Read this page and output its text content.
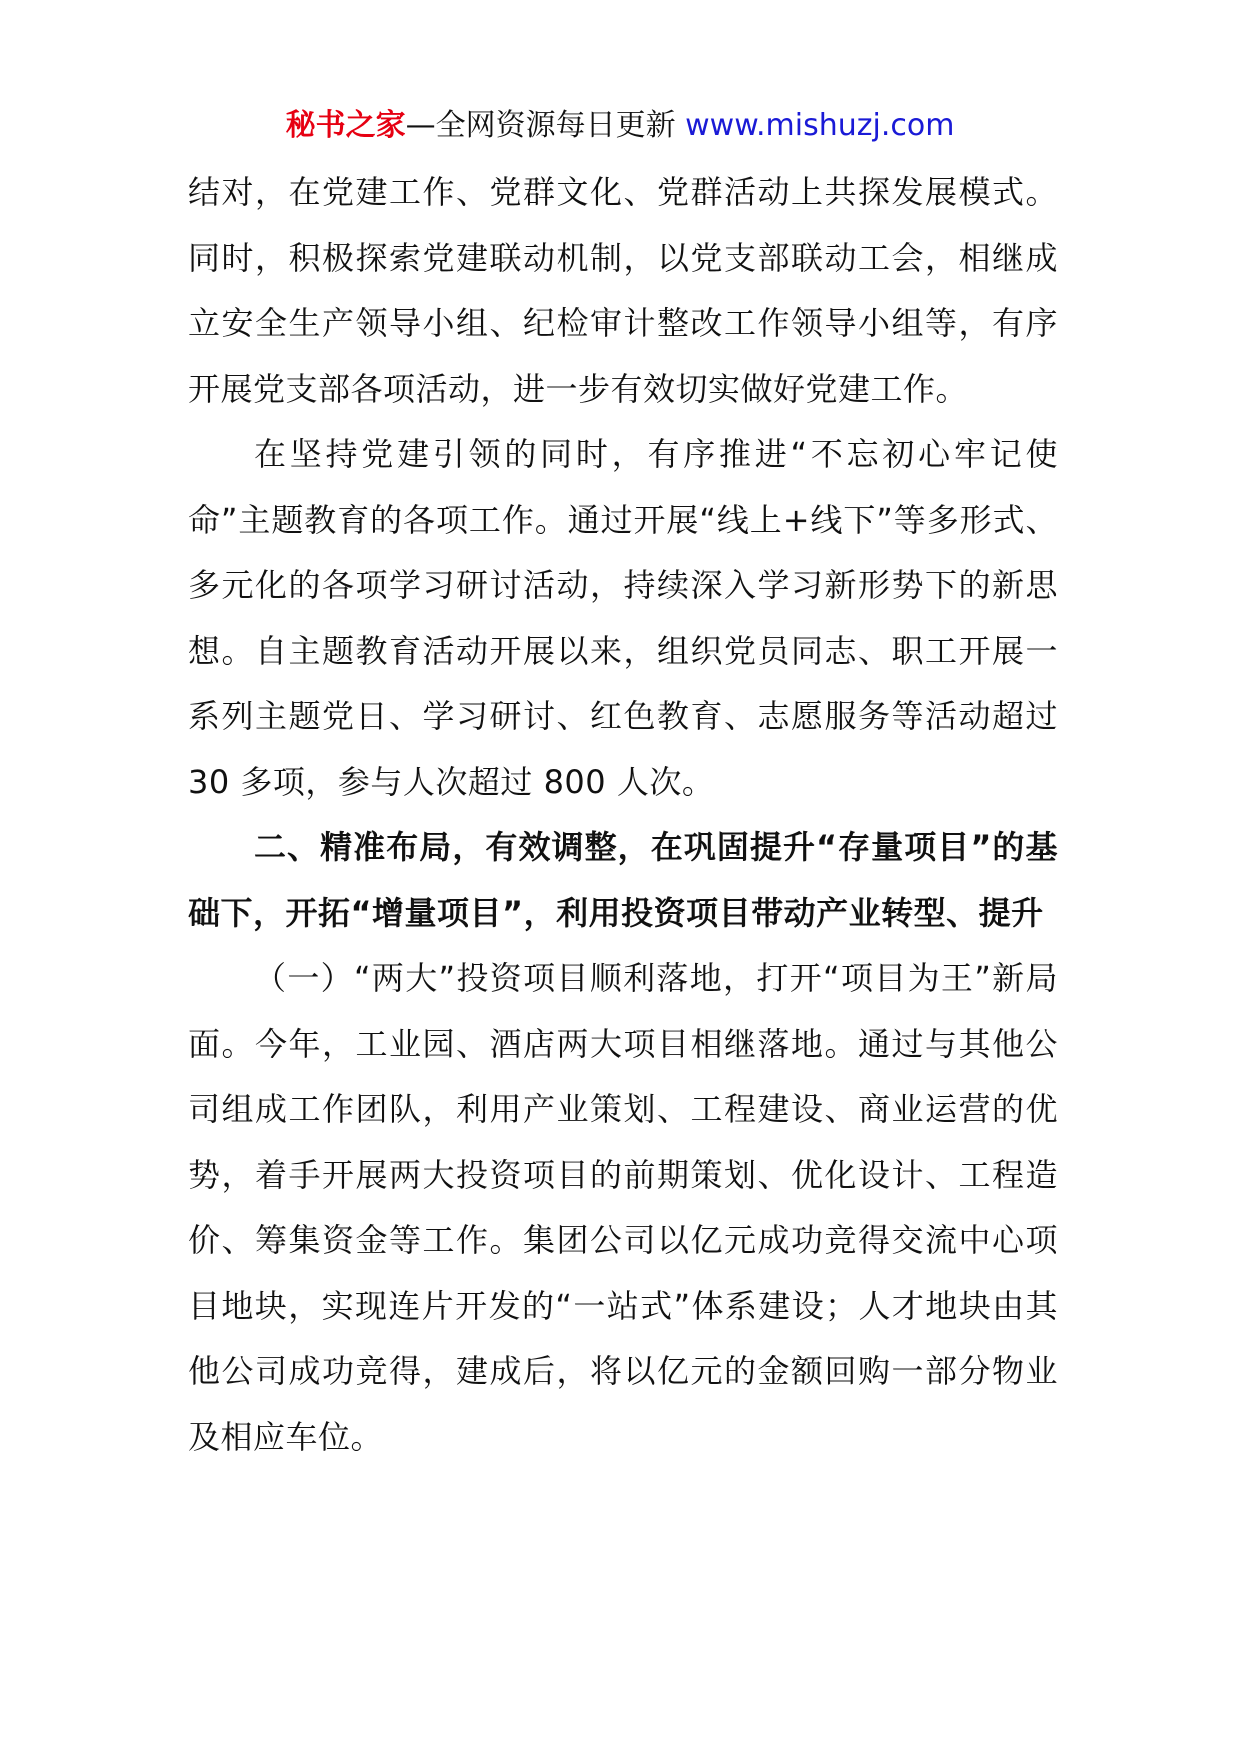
秘书之家—全网资源每日更新 www.mishuzj.com

结对，在党建工作、党群文化、党群活动上共探发展模式。同时，积极探索党建联动机制，以党支部联动工会，相继成立安全生产领导小组、纪检审计整改工作领导小组等，有序开展党支部各项活动，进一步有效切实做好党建工作。

在坚持党建引领的同时，有序推进“不忘初心牢记使命”主题教育的各项工作。通过开展“线上+线下”等多形式、多元化的各项学习研讨活动，持续深入学习新形势下的新思想。自主题教育活动开展以来，组织党员同志、职工开展一系列主题党日、学习研讨、红色教育、志愿服务等活动超过 30 多项，参与人次超过 800 人次。

二、精准布局，有效调整，在巩固提升“存量项目”的基础下，开拓“增量项目”，利用投资项目带动产业转型、提升

（一）“两大”投资项目顺利落地，打开“项目为王”新局面。今年，工业园、酒店两大项目相继落地。通过与其他公司组成工作团队，利用产业策划、工程建设、商业运营的优势，着手开展两大投资项目的前期策划、优化设计、工程造价、筹集资金等工作。集团公司以亿元成功竞得交流中心项目地块，实现连片开发的“一站式”体系建设；人才地块由其他公司成功竞得，建成后，将以亿元的金额回购一部分物业及相应车位。
